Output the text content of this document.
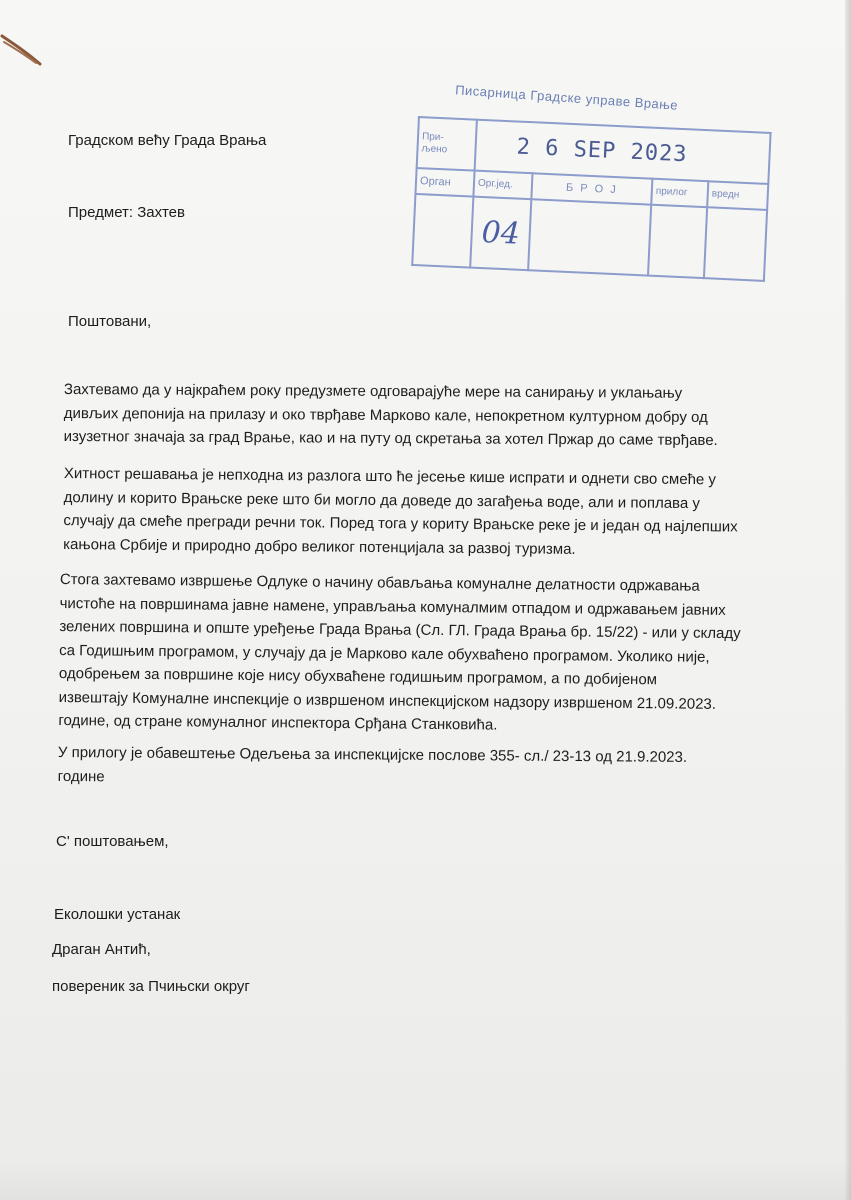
Писарница Градске управе Врање
При-
љено	2 6 SEP 2023			
Орган	Орг.јед.	Б Р О Ј	прилог	вредн
	04			
Градском већу Града Врања
Предмет: Захтев
Поштовани,
Захтевамо да у најкраћем року предузмете одговарајуће мере на санирању и уклањању
дивљих депонија на прилазу и око тврђаве Марково кале, непокретном културном добру од
изузетног значаја за град Врање, као и на путу од скретања за хотел Пржар до саме тврђаве.
Хитност решавања је непходна из разлога што ће јесење кише испрати и однети сво смеће у
долину и корито Врањске реке што би могло да доведе до загађења воде, али и поплава у
случају да смеће прегради речни ток. Поред тога у кориту Врањске реке је и један од најлепших
кањона Србије и природно добро великог потенцијала за развој туризма.
Стога захтевамо извршење Одлуке о начину обављања комуналне делатности одржавања
чистоће на површинама јавне намене, управљања комуналмим отпадом и одржавањем јавних
зелених површина и опште уређење Града Врања (Сл. ГЛ. Града Врања бр. 15/22) - или у складу
са Годишњим програмом, у случају да је Марково кале обухваћено програмом. Уколико није,
одобрењем за површине које нису обухваћене годишњим програмом, а по добијеном
извештају Комуналне инспекције о извршеном инспекцијском надзору извршеном 21.09.2023.
године, од стране комуналног инспектора Срђана Станковића.
У прилогу је обавештење Одељења за инспекцијске послове 355- сл./ 23-13 од 21.9.2023.
године
С' поштовањем,
Еколошки устанак
Драган Антић,
повереник за Пчињски округ
